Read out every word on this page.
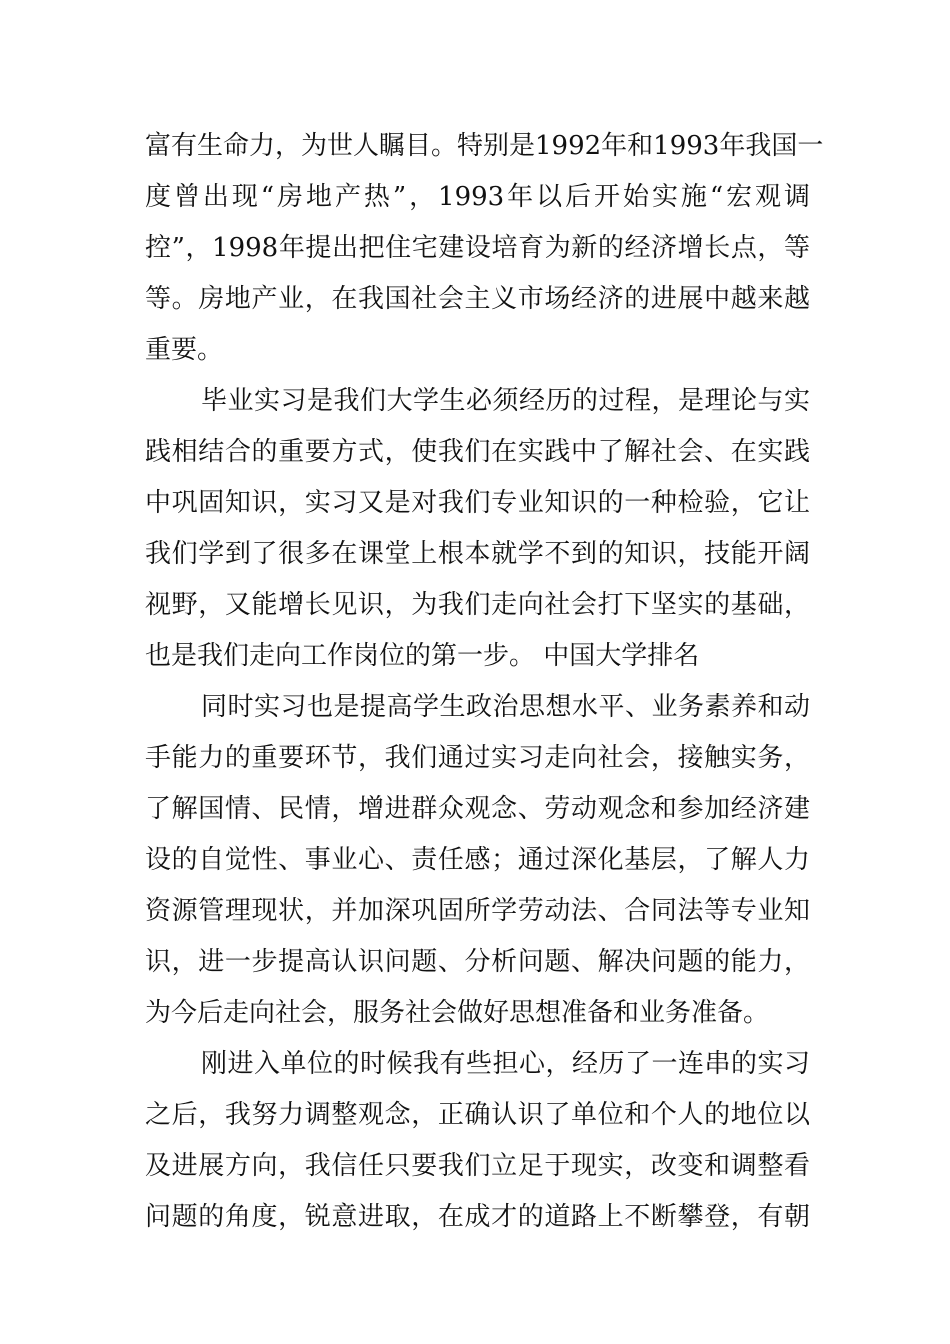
富有生命力，为世人瞩目。特别是1992年和1993年我国一
度曾出现“房地产热”，1993年以后开始实施“宏观调
控”，1998年提出把住宅建设培育为新的经济增长点，等
等。房地产业，在我国社会主义市场经济的进展中越来越
重要。
毕业实习是我们大学生必须经历的过程，是理论与实
践相结合的重要方式，使我们在实践中了解社会、在实践
中巩固知识，实习又是对我们专业知识的一种检验，它让
我们学到了很多在课堂上根本就学不到的知识，技能开阔
视野，又能增长见识，为我们走向社会打下坚实的基础，
也是我们走向工作岗位的第一步。 中国大学排名
同时实习也是提高学生政治思想水平、业务素养和动
手能力的重要环节，我们通过实习走向社会，接触实务，
了解国情、民情，增进群众观念、劳动观念和参加经济建
设的自觉性、事业心、责任感；通过深化基层，了解人力
资源管理现状，并加深巩固所学劳动法、合同法等专业知
识，进一步提高认识问题、分析问题、解决问题的能力，
为今后走向社会，服务社会做好思想准备和业务准备。
刚进入单位的时候我有些担心，经历了一连串的实习
之后，我努力调整观念，正确认识了单位和个人的地位以
及进展方向，我信任只要我们立足于现实，改变和调整看
问题的角度，锐意进取，在成才的道路上不断攀登，有朝
